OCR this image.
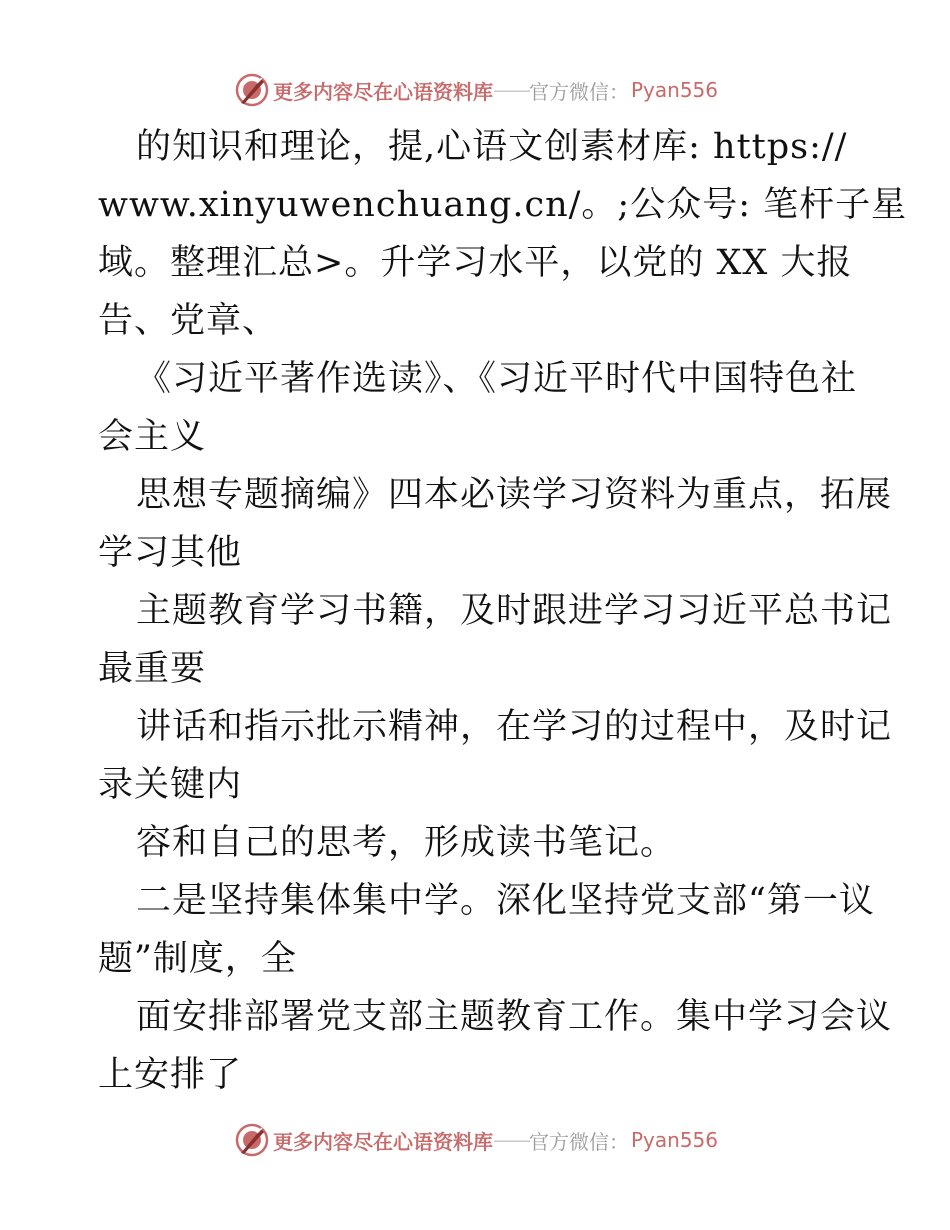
更多内容尽在心语资料库 —— 官方微信： Pyan556
的知识和理论，提,心语文创素材库: https://
www.xinyuwenchuang.cn/。;公众号: 笔杆子星
域。整理汇总>。升学习水平，以党的 XX 大报
告、党章、
《习近平著作选读》、《习近平时代中国特色社
会主义
思想专题摘编》四本必读学习资料为重点，拓展
学习其他
主题教育学习书籍，及时跟进学习习近平总书记
最重要
讲话和指示批示精神，在学习的过程中，及时记
录关键内
容和自己的思考，形成读书笔记。
二是坚持集体集中学。深化坚持党支部“第一议
题”制度，全
面安排部署党支部主题教育工作。集中学习会议
上安排了
更多内容尽在心语资料库 —— 官方微信： Pyan556
